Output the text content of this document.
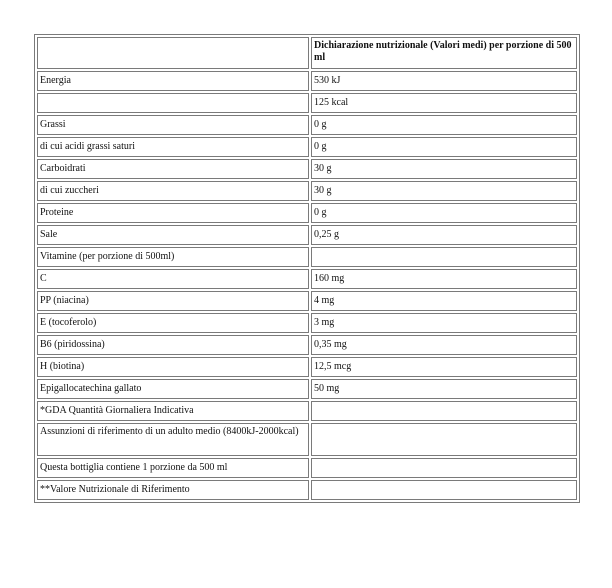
	Dichiarazione nutrizionale (Valori medi) per porzione di 500 ml
Energia	530 kJ
	125 kcal
Grassi	0 g
di cui acidi grassi saturi	0 g
Carboidrati	30 g
di cui zuccheri	30 g
Proteine	0 g
Sale	0,25 g
Vitamine (per porzione di 500ml)	
C	160 mg
PP (niacina)	4 mg
E (tocoferolo)	3 mg
B6 (piridossina)	0,35 mg
H (biotina)	12,5 mcg
Epigallocatechina gallato	50 mg
*GDA Quantità Giornaliera Indicativa	
Assunzioni di riferimento di un adulto medio (8400kJ-2000kcal)	
Questa bottiglia contiene 1 porzione da 500 ml	
**Valore Nutrizionale di Riferimento	
